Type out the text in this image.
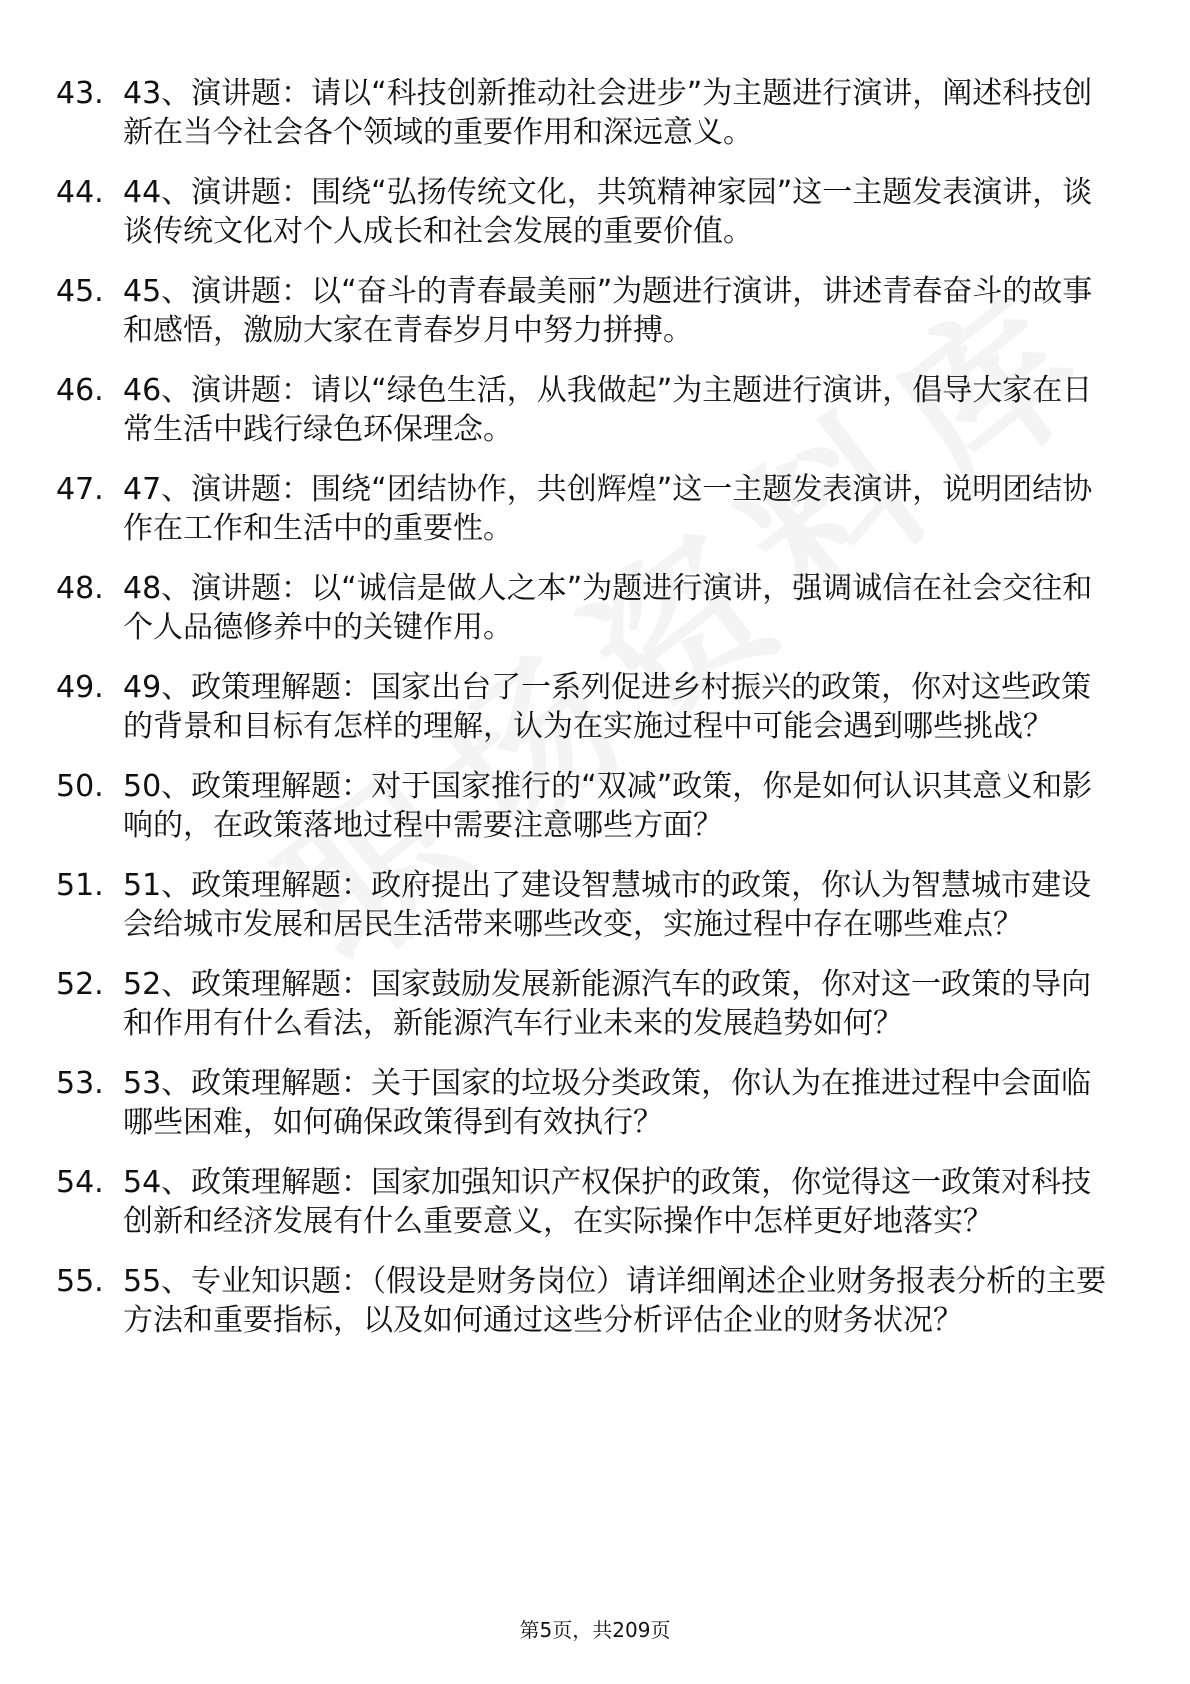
43. 43、演讲题：请以“科技创新推动社会进步”为主题进行演讲，阐述科技创新在当今社会各个领域的重要作用和深远意义。
44. 44、演讲题：围绕“弘扬传统文化，共筑精神家园”这一主题发表演讲，谈谈传统文化对个人成长和社会发展的重要价值。
45. 45、演讲题：以“奋斗的青春最美丽”为题进行演讲，讲述青春奋斗的故事和感悟，激励大家在青春岁月中努力拼搏。
46. 46、演讲题：请以“绿色生活，从我做起”为主题进行演讲，倡导大家在日常生活中践行绿色环保理念。
47. 47、演讲题：围绕“团结协作，共创辉煌”这一主题发表演讲，说明团结协作在工作和生活中的重要性。
48. 48、演讲题：以“诚信是做人之本”为题进行演讲，强调诚信在社会交往和个人品德修养中的关键作用。
49. 49、政策理解题：国家出台了一系列促进乡村振兴的政策，你对这些政策的背景和目标有怎样的理解，认为在实施过程中可能会遇到哪些挑战？
50. 50、政策理解题：对于国家推行的“双减”政策，你是如何认识其意义和影响的，在政策落地过程中需要注意哪些方面？
51. 51、政策理解题：政府提出了建设智慧城市的政策，你认为智慧城市建设会给城市发展和居民生活带来哪些改变，实施过程中存在哪些难点？
52. 52、政策理解题：国家鼓励发展新能源汽车的政策，你对这一政策的导向和作用有什么看法，新能源汽车行业未来的发展趋势如何？
53. 53、政策理解题：关于国家的垃圾分类政策，你认为在推进过程中会面临哪些困难，如何确保政策得到有效执行？
54. 54、政策理解题：国家加强知识产权保护的政策，你觉得这一政策对科技创新和经济发展有什么重要意义，在实际操作中怎样更好地落实？
55. 55、专业知识题：（假设是财务岗位）请详细阐述企业财务报表分析的主要方法和重要指标，以及如何通过这些分析评估企业的财务状况？
第5页，共209页
